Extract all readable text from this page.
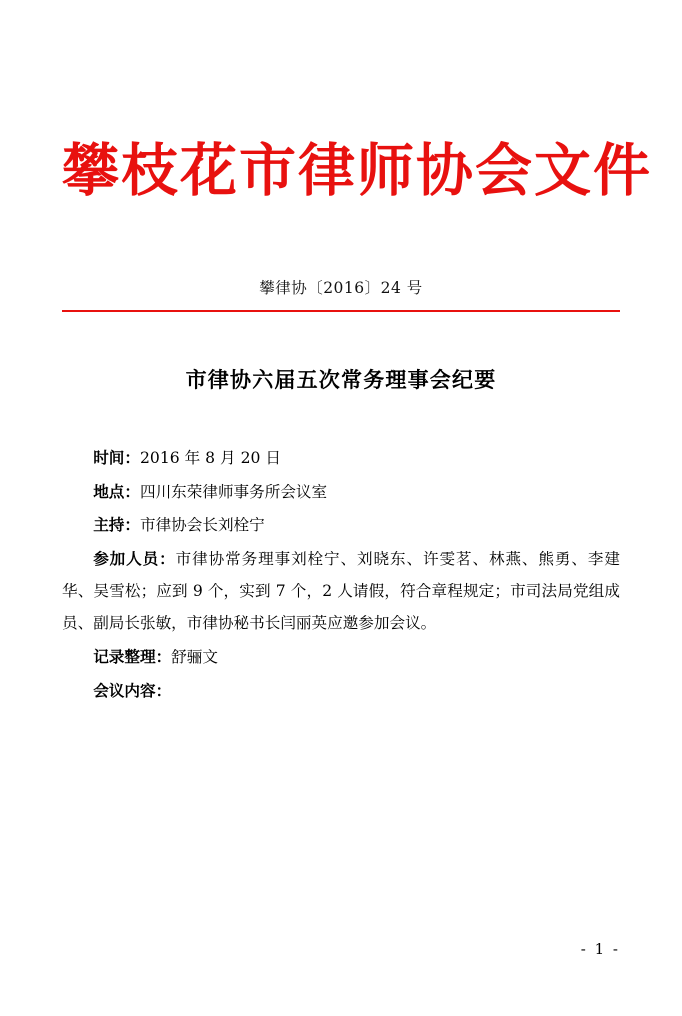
攀枝花市律师协会文件
攀律协〔2016〕24 号
市律协六届五次常务理事会纪要

时间：2016 年 8 月 20 日

地点：四川东荣律师事务所会议室

主持：市律协会长刘栓宁

参加人员：市律协常务理事刘栓宁、刘晓东、许雯茗、林燕、熊勇、李建华、吴雪松；应到 9 个，实到 7 个，2 人请假，符合章程规定；市司法局党组成员、副局长张敏，市律协秘书长闫丽英应邀参加会议。

记录整理：舒骊文

会议内容：

- 1 -
